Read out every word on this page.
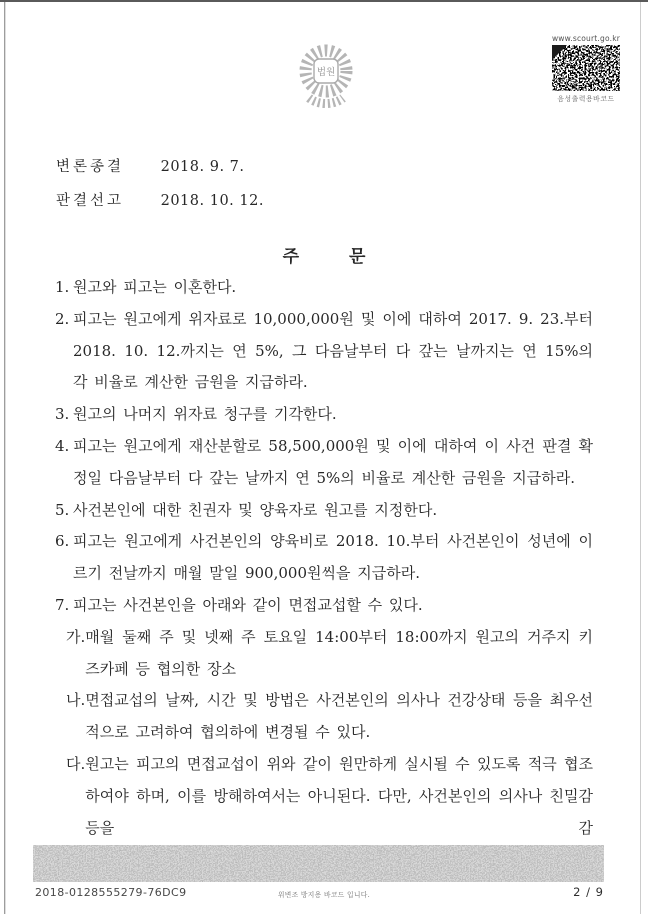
법원
www.scourt.go.kr
음성출력용바코드
변론종결	2018. 9. 7.
판결선고	2018. 10. 12.
주	문
1. 원고와 피고는 이혼한다.
2. 피고는 원고에게 위자료로 10,000,000원 및 이에 대하여 2017. 9. 23.부터 2018. 10. 12.까지는 연 5%, 그 다음날부터 다 갚는 날까지는 연 15%의 각 비율로 계산한 금원을 지급하라.
3. 원고의 나머지 위자료 청구를 기각한다.
4. 피고는 원고에게 재산분할로 58,500,000원 및 이에 대하여 이 사건 판결 확정일 다음날부터 다 갚는 날까지 연 5%의 비율로 계산한 금원을 지급하라.
5. 사건본인에 대한 친권자 및 양육자로 원고를 지정한다.
6. 피고는 원고에게 사건본인의 양육비로 2018. 10.부터 사건본인이 성년에 이르기 전날까지 매월 말일 900,000원씩을 지급하라.
7. 피고는 사건본인을 아래와 같이 면접교섭할 수 있다.
가. 매월 둘째 주 및 넷째 주 토요일 14:00부터 18:00까지 원고의 거주지 키즈카페 등 협의한 장소
나. 면접교섭의 날짜, 시간 및 방법은 사건본인의 의사나 건강상태 등을 최우선적으로 고려하여 협의하에 변경될 수 있다.
다. 원고는 피고의 면접교섭이 위와 같이 원만하게 실시될 수 있도록 적극 협조하여야 하며, 이를 방해하여서는 아니된다. 다만, 사건본인의 의사나 친밀감 등을 감
2018-0128555279-76DC9	위변조 방지용 바코드 입니다.	2 / 9
